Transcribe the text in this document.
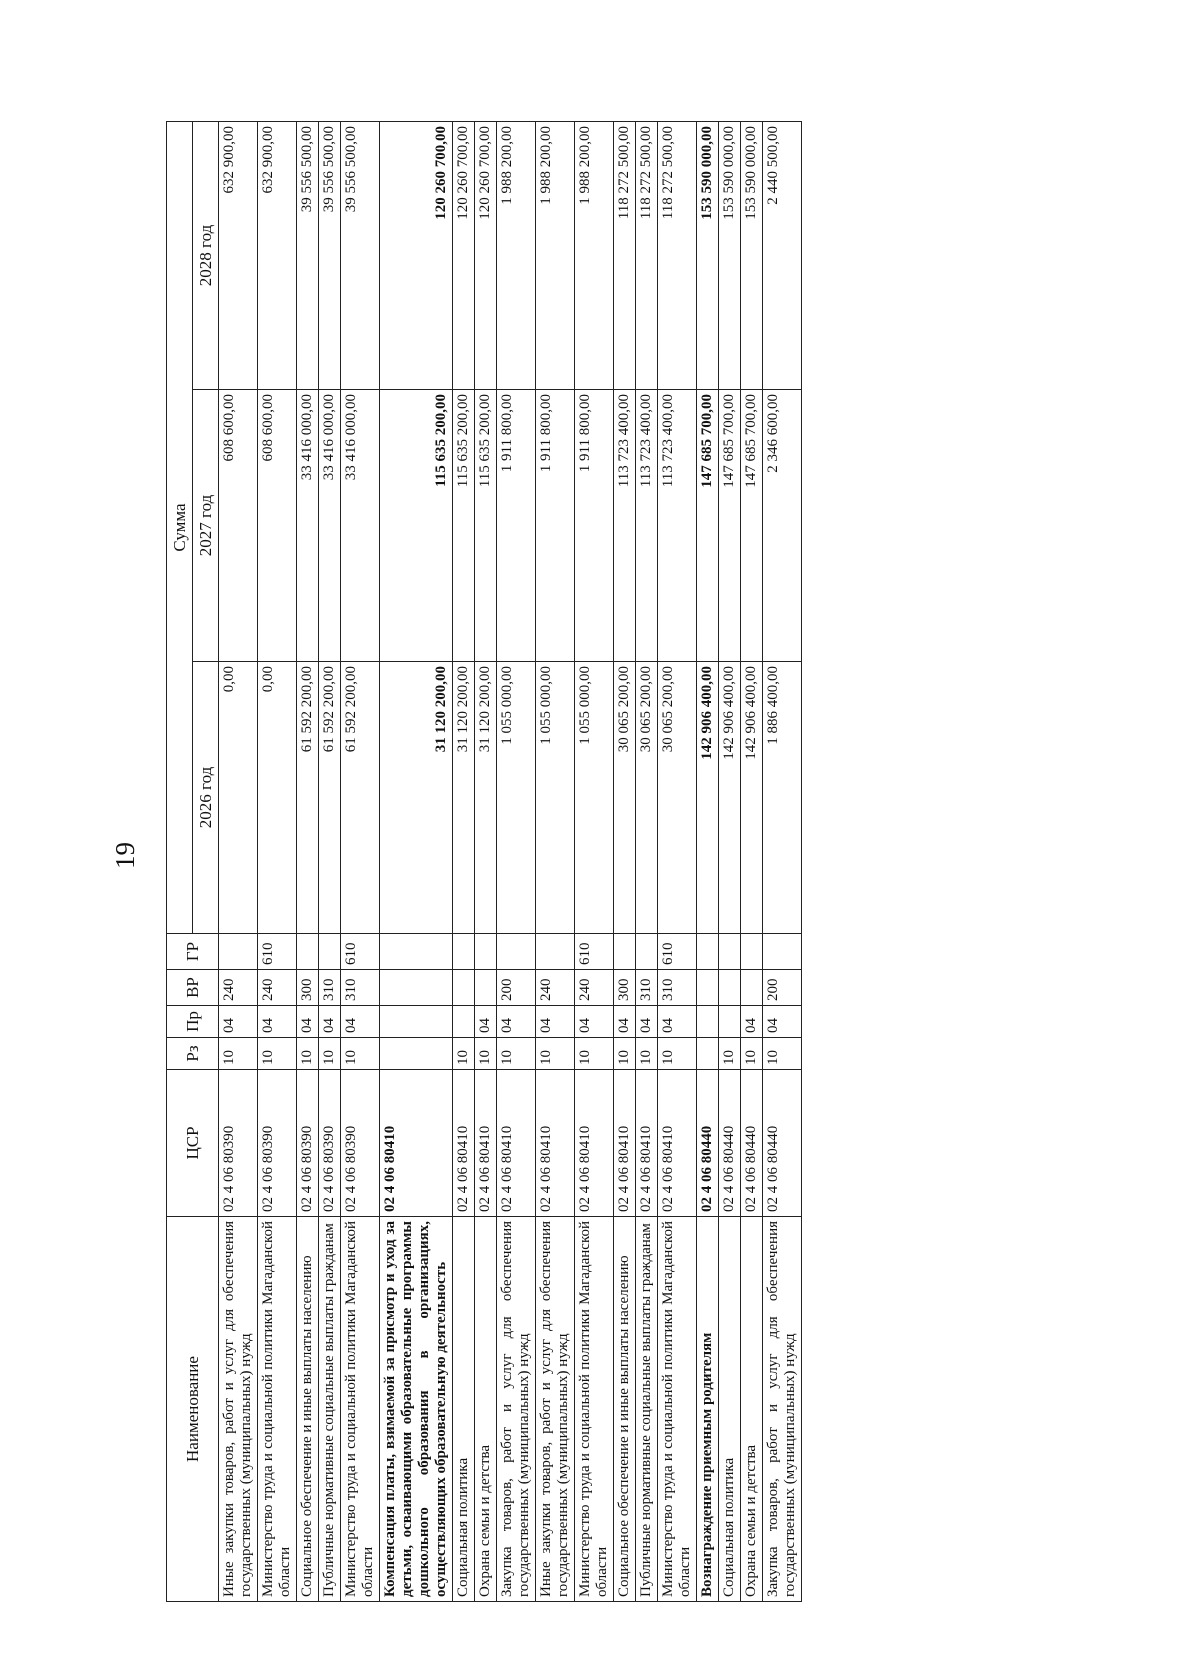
19
Наименование	ЦСР	Рз	Пр	ВР	ГР	Сумма		
						2026 год	2027 год	2028 год
Иные закупки товаров, работ и услуг для обеспечения государственных (муниципальных) нужд	02 4 06 80390	10	04	240		0,00	608 600,00	632 900,00
Министерство труда и социальной политики Магаданской области	02 4 06 80390	10	04	240	610	0,00	608 600,00	632 900,00
Социальное обеспечение и иные выплаты населению	02 4 06 80390	10	04	300		61 592 200,00	33 416 000,00	39 556 500,00
Публичные нормативные социальные выплаты гражданам	02 4 06 80390	10	04	310		61 592 200,00	33 416 000,00	39 556 500,00
Министерство труда и социальной политики Магаданской области	02 4 06 80390	10	04	310	610	61 592 200,00	33 416 000,00	39 556 500,00
Компенсация платы, взимаемой за присмотр и уход за детьми, осваивающими образовательные программы дошкольного образования в организациях, осуществляющих образовательную деятельность	02 4 06 80410					31 120 200,00	115 635 200,00	120 260 700,00
Социальная политика	02 4 06 80410	10				31 120 200,00	115 635 200,00	120 260 700,00
Охрана семьи и детства	02 4 06 80410	10	04			31 120 200,00	115 635 200,00	120 260 700,00
Закупка товаров, работ и услуг для обеспечения государственных (муниципальных) нужд	02 4 06 80410	10	04	200		1 055 000,00	1 911 800,00	1 988 200,00
Иные закупки товаров, работ и услуг для обеспечения государственных (муниципальных) нужд	02 4 06 80410	10	04	240		1 055 000,00	1 911 800,00	1 988 200,00
Министерство труда и социальной политики Магаданской области	02 4 06 80410	10	04	240	610	1 055 000,00	1 911 800,00	1 988 200,00
Социальное обеспечение и иные выплаты населению	02 4 06 80410	10	04	300		30 065 200,00	113 723 400,00	118 272 500,00
Публичные нормативные социальные выплаты гражданам	02 4 06 80410	10	04	310		30 065 200,00	113 723 400,00	118 272 500,00
Министерство труда и социальной политики Магаданской области	02 4 06 80410	10	04	310	610	30 065 200,00	113 723 400,00	118 272 500,00
Вознаграждение приемным родителям	02 4 06 80440					142 906 400,00	147 685 700,00	153 590 000,00
Социальная политика	02 4 06 80440	10				142 906 400,00	147 685 700,00	153 590 000,00
Охрана семьи и детства	02 4 06 80440	10	04			142 906 400,00	147 685 700,00	153 590 000,00
Закупка товаров, работ и услуг для обеспечения государственных (муниципальных) нужд	02 4 06 80440	10	04	200		1 886 400,00	2 346 600,00	2 440 500,00
